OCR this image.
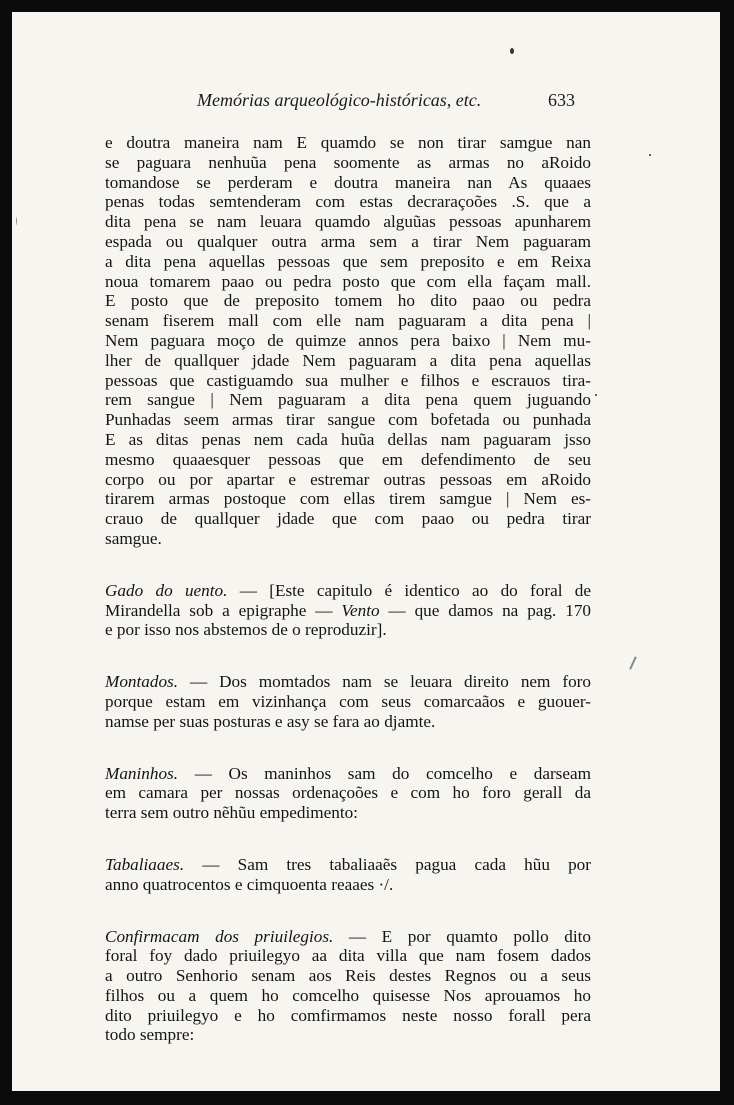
Memórias arqueológico-históricas, etc.	633
e doutra maneira nam E quamdo se non tirar samgue nan
se paguara nenhuũa pena soomente as armas no aRoido
tomandose se perderam e doutra maneira nan As quaaes
penas todas semtenderam com estas decraraçoões .S. que a
dita pena se nam leuara quamdo alguũas pessoas apunharem
espada ou qualquer outra arma sem a tirar Nem paguaram
a dita pena aquellas pessoas que sem preposito e em Reixa
noua tomarem paao ou pedra posto que com ella façam mall.
E posto que de preposito tomem ho dito paao ou pedra
senam fiserem mall com elle nam paguaram a dita pena |
Nem paguara moço de quimze annos pera baixo | Nem mu-
lher de quallquer jdade Nem paguaram a dita pena aquellas
pessoas que castiguamdo sua mulher e filhos e escrauos tira-
rem sangue | Nem paguaram a dita pena quem juguando
Punhadas seem armas tirar sangue com bofetada ou punhada
E as ditas penas nem cada huũa dellas nam paguaram jsso
mesmo quaaesquer pessoas que em defendimento de seu
corpo ou por apartar e estremar outras pessoas em aRoido
tirarem armas postoque com ellas tirem samgue | Nem es-
crauo de quallquer jdade que com paao ou pedra tirar
samgue.
Gado do uento. — [Este capitulo é identico ao do foral de
Mirandella sob a epigraphe — Vento — que damos na pag. 170
e por isso nos abstemos de o reproduzir].
Montados. — Dos momtados nam se leuara direito nem foro
porque estam em vizinhança com seus comarcaãos e guouer-
namse per suas posturas e asy se fara ao djamte.
Maninhos. — Os maninhos sam do comcelho e darseam
em camara per nossas ordenaçoões e com ho foro gerall da
terra sem outro nẽhũu empedimento:
Tabaliaaes. — Sam tres tabaliaaẽs pagua cada hũu por
anno quatrocentos e cimquoenta reaaes ·/.
Confirmacam dos priuilegios. — E por quamto pollo dito
foral foy dado priuilegyo aa dita villa que nam fosem dados
a outro Senhorio senam aos Reis destes Regnos ou a seus
filhos ou a quem ho comcelho quisesse Nos aprouamos ho
dito priuilegyo e ho comfirmamos neste nosso forall pera
todo sempre:
